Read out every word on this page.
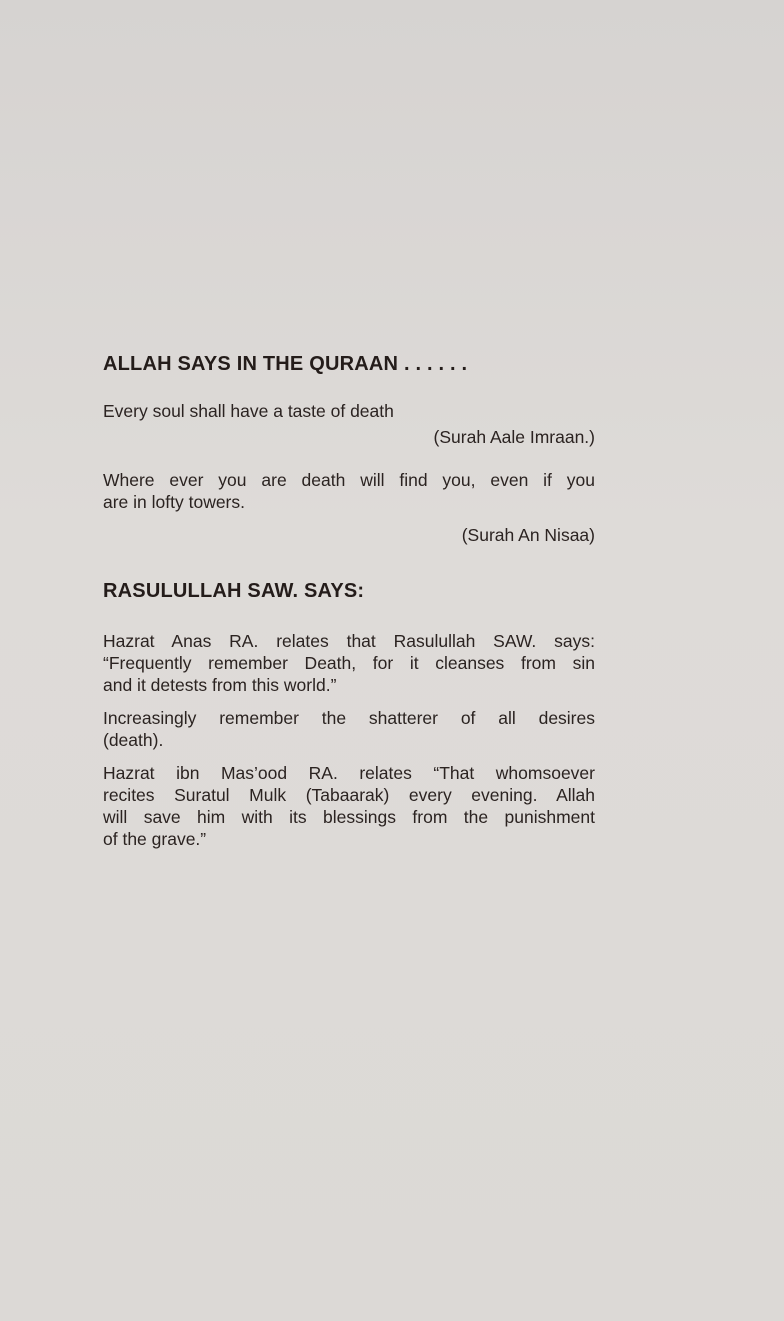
ALLAH SAYS IN THE QURAAN . . . . . .
Every soul shall have a taste of death
(Surah Aale Imraan.)
Where ever you are death will find you, even if you
are in lofty towers.
(Surah An Nisaa)
RASULULLAH SAW. SAYS:
Hazrat Anas RA. relates that Rasulullah SAW. says:
“Frequently remember Death, for it cleanses from sin
and it detests from this world.”
Increasingly remember the shatterer of all desires
(death).
Hazrat ibn Mas’ood RA. relates “That whomsoever
recites Suratul Mulk (Tabaarak) every evening. Allah
will save him with its blessings from the punishment
of the grave.”
